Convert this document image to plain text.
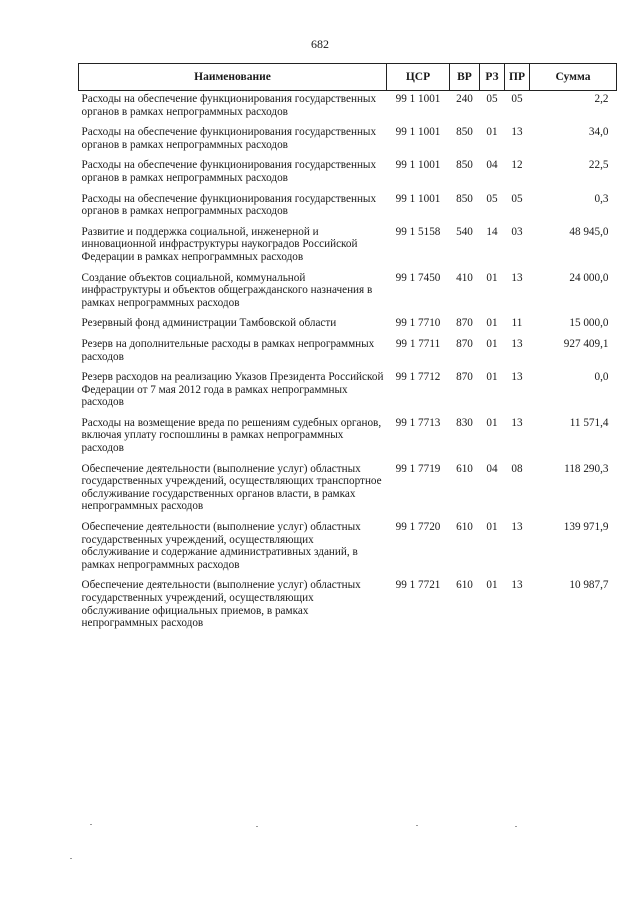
682
Наименование	ЦСР	ВР	РЗ	ПР	Сумма
Расходы на обеспечение функционирования государственных органов в рамках непрограммных расходов	99 1 1001	240	05	05	2,2
Расходы на обеспечение функционирования государственных органов в рамках непрограммных расходов	99 1 1001	850	01	13	34,0
Расходы на обеспечение функционирования государственных органов в рамках непрограммных расходов	99 1 1001	850	04	12	22,5
Расходы на обеспечение функционирования государственных органов в рамках непрограммных расходов	99 1 1001	850	05	05	0,3
Развитие и поддержка социальной, инженерной и инновационной инфраструктуры наукоградов Российской Федерации в рамках непрограммных расходов	99 1 5158	540	14	03	48 945,0
Создание объектов социальной, коммунальной инфраструктуры и объектов общегражданского назначения в рамках непрограммных расходов	99 1 7450	410	01	13	24 000,0
Резервный фонд администрации Тамбовской области	99 1 7710	870	01	11	15 000,0
Резерв на дополнительные расходы в рамках непрограммных расходов	99 1 7711	870	01	13	927 409,1
Резерв расходов на реализацию Указов Президента Российской Федерации от 7 мая 2012 года в рамках непрограммных расходов	99 1 7712	870	01	13	0,0
Расходы на возмещение вреда по решениям судебных органов, включая уплату госпошлины в рамках непрограммных расходов	99 1 7713	830	01	13	11 571,4
Обеспечение деятельности (выполнение услуг) областных государственных учреждений, осуществляющих транспортное обслуживание государственных органов власти, в рамках непрограммных расходов	99 1 7719	610	04	08	118 290,3
Обеспечение деятельности (выполнение услуг) областных государственных учреждений, осуществляющих обслуживание и содержание административных зданий, в рамках непрограммных расходов	99 1 7720	610	01	13	139 971,9
Обеспечение деятельности (выполнение услуг) областных государственных учреждений, осуществляющих обслуживание официальных приемов, в рамках непрограммных расходов	99 1 7721	610	01	13	10 987,7
